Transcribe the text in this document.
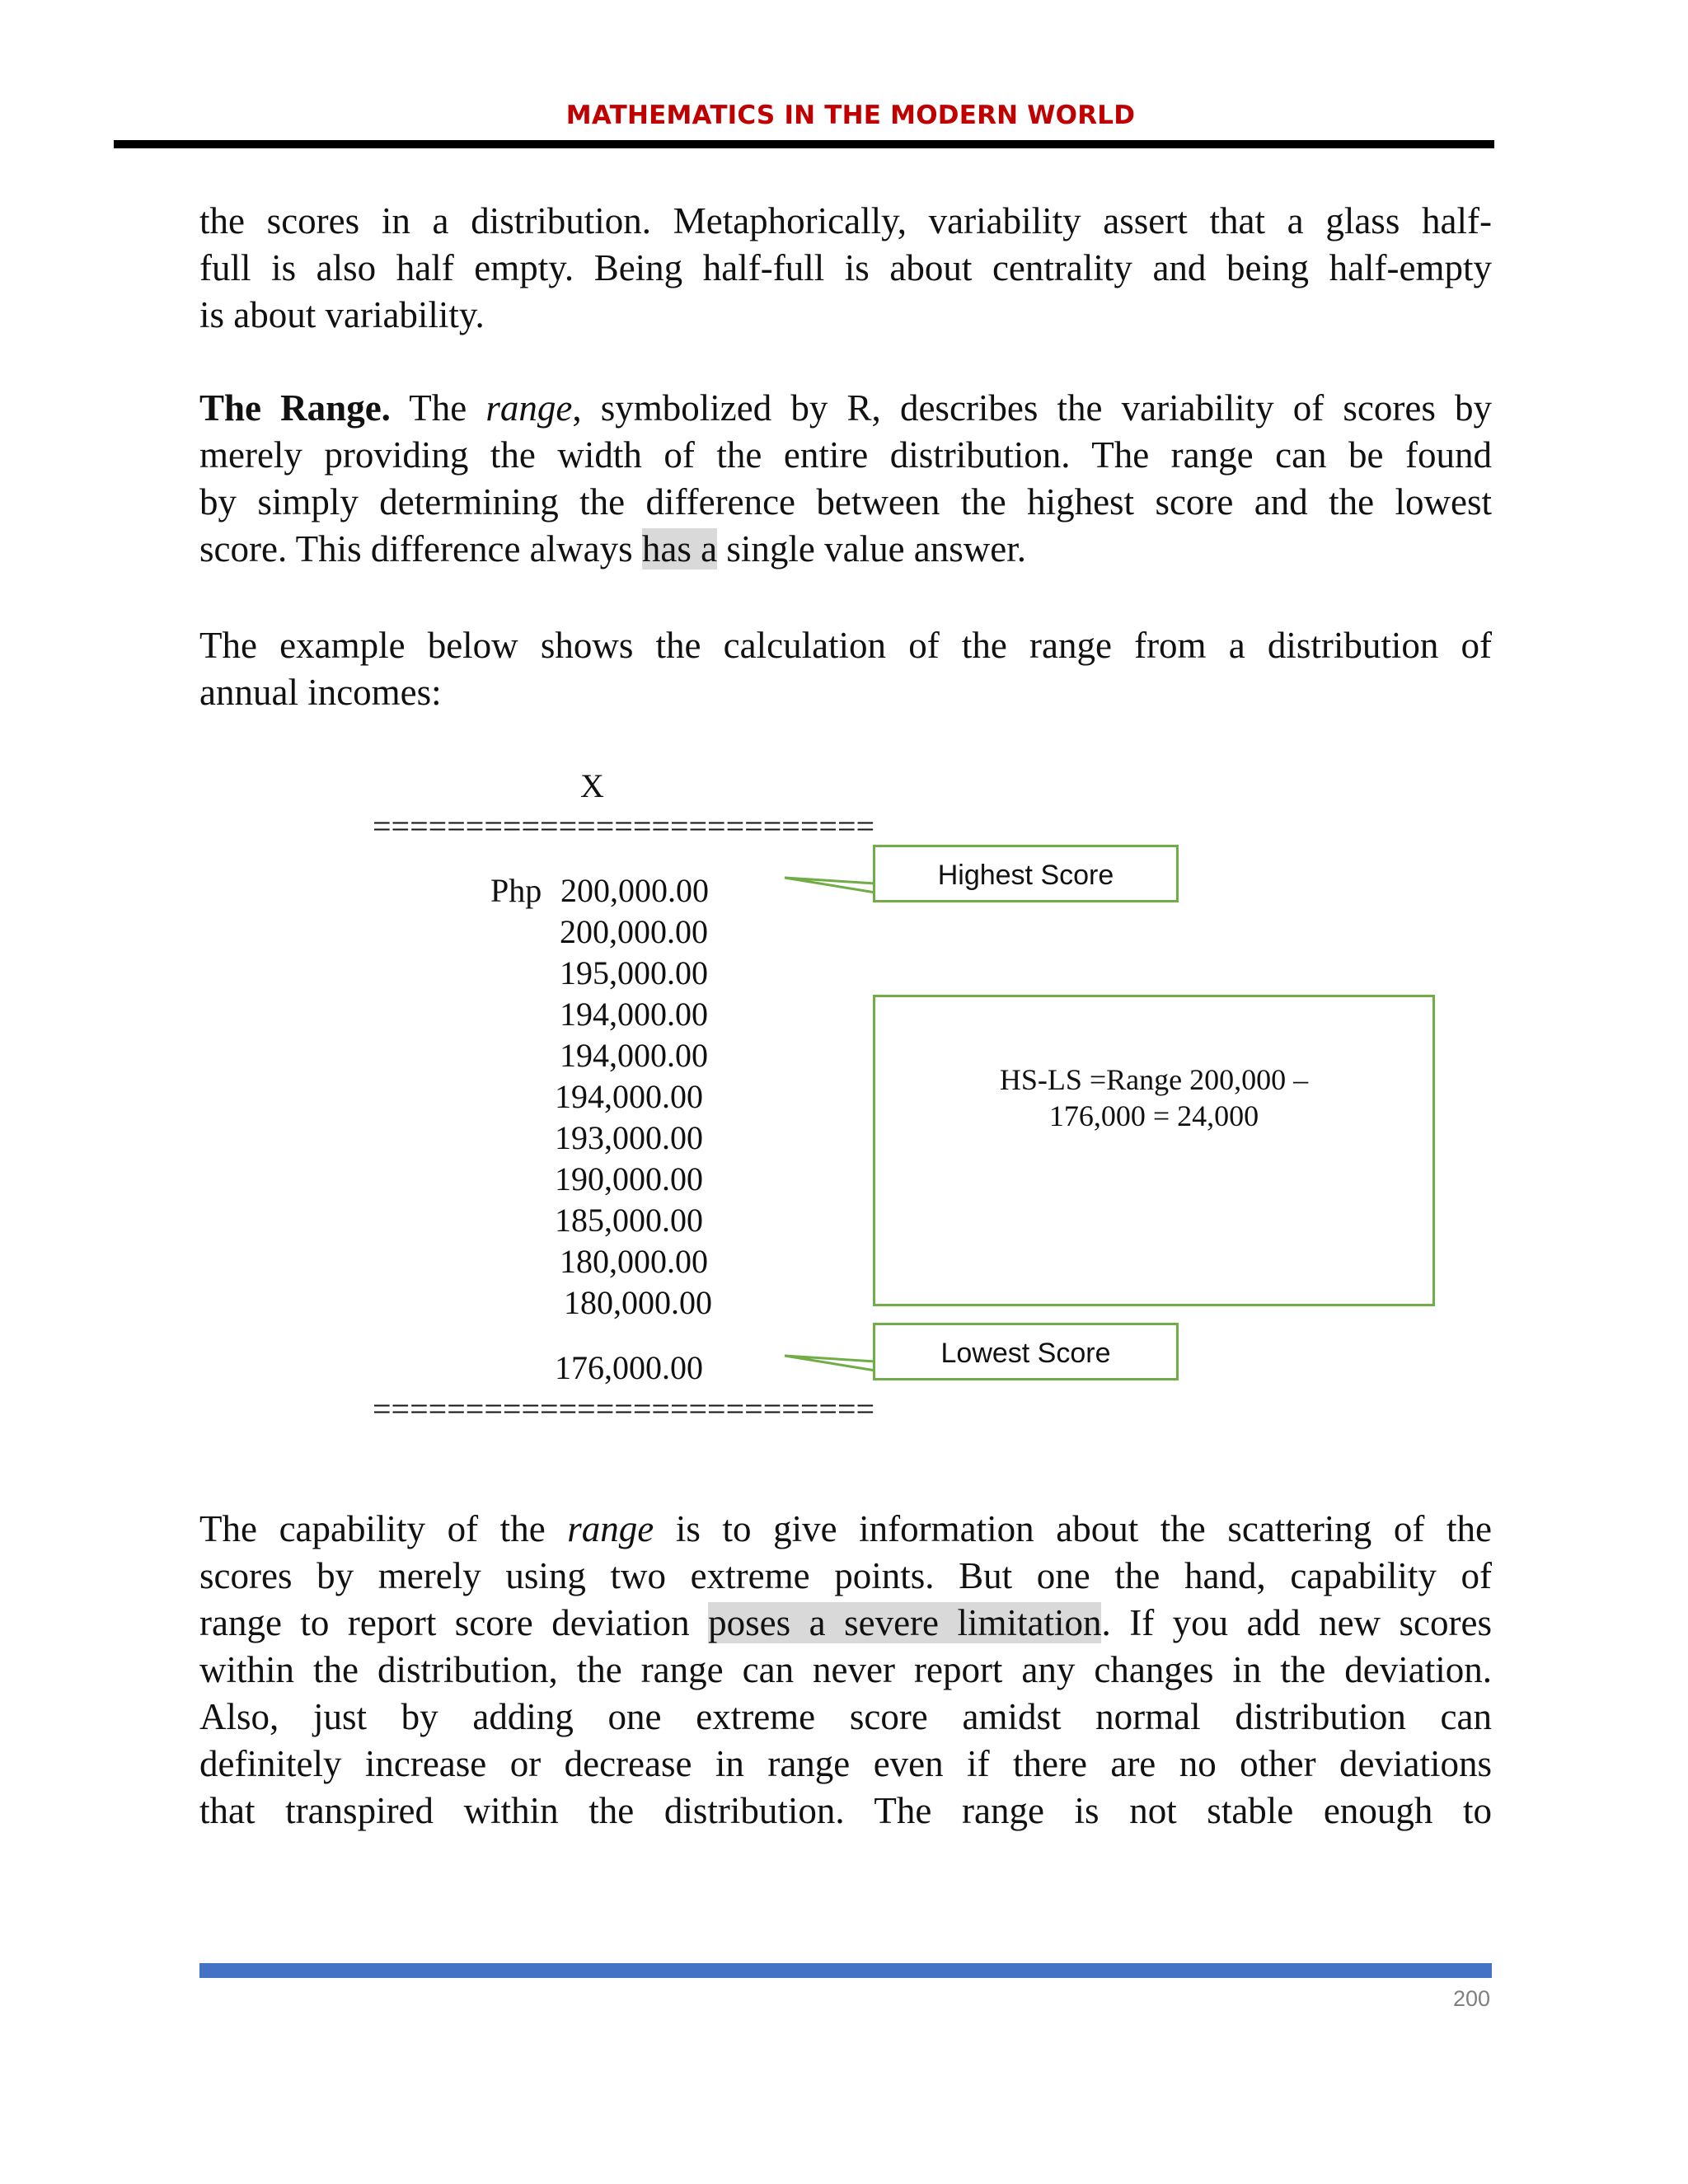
MATHEMATICS IN THE MODERN WORLD
the scores in a distribution. Metaphorically, variability assert that a glass half-
full is also half empty. Being half-full is about centrality and being half-empty
is about variability.
The Range. The range, symbolized by R, describes the variability of scores by
merely providing the width of the entire distribution. The range can be found
by simply determining the difference between the highest score and the lowest
score. This difference always has a single value answer.
The example below shows the calculation of the range from a distribution of
annual incomes:
X
===========================
Php 200,000.00
200,000.00
195,000.00
194,000.00
194,000.00
194,000.00
193,000.00
190,000.00
185,000.00
180,000.00
180,000.00
176,000.00
===========================
Highest Score
HS-LS =Range 200,000 –
176,000 = 24,000
Lowest Score
The capability of the range is to give information about the scattering of the
scores by merely using two extreme points. But one the hand, capability of
range to report score deviation poses a severe limitation. If you add new scores
within the distribution, the range can never report any changes in the deviation.
Also, just by adding one extreme score amidst normal distribution can
definitely increase or decrease in range even if there are no other deviations
that transpired within the distribution. The range is not stable enough to
200
